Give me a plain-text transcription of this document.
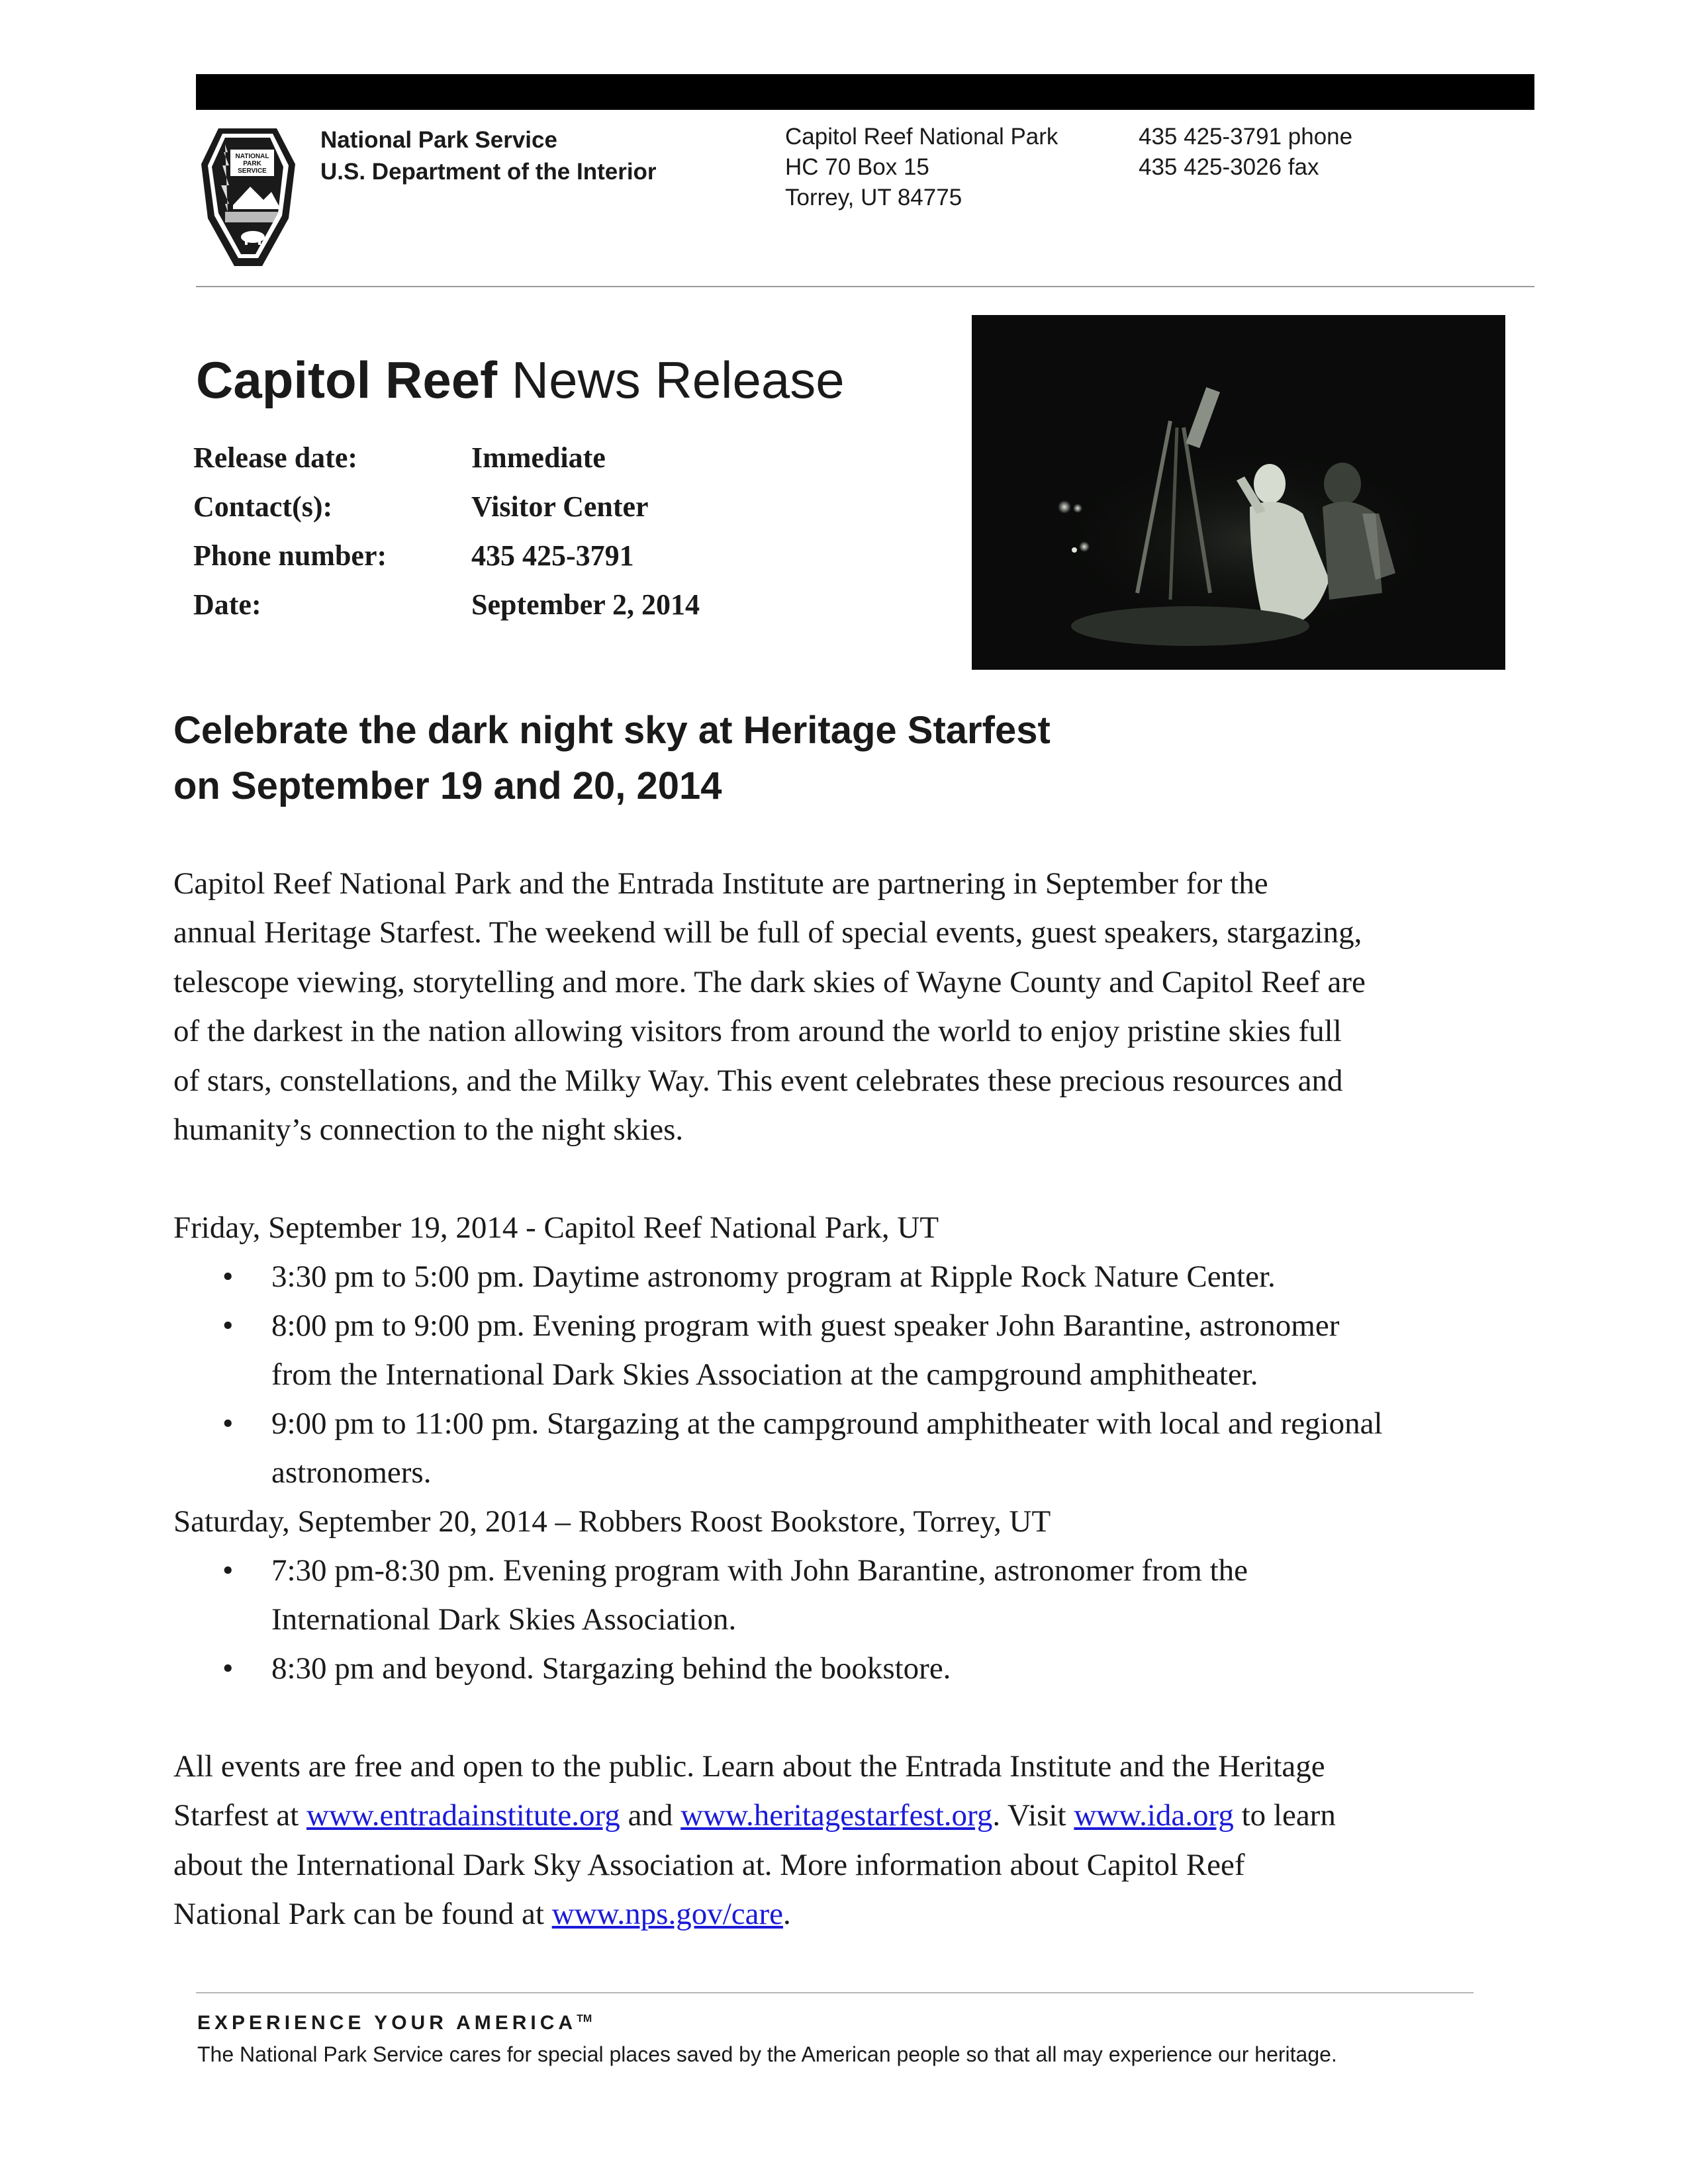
NATIONAL
PARK
SERVICE
National Park Service
U.S. Department of the Interior
Capitol Reef National Park
HC 70 Box 15
Torrey, UT 84775
435 425-3791 phone
435 425-3026 fax
Capitol Reef News Release
Release date:	Immediate
Contact(s):	Visitor Center
Phone number:	435 425-3791
Date:	September 2, 2014
Celebrate the dark night sky at Heritage Starfest
on September 19 and 20, 2014
Capitol Reef National Park and the Entrada Institute are partnering in September for the
annual Heritage Starfest. The weekend will be full of special events, guest speakers, stargazing,
telescope viewing, storytelling and more. The dark skies of Wayne County and Capitol Reef are
of the darkest in the nation allowing visitors from around the world to enjoy pristine skies full
of stars, constellations, and the Milky Way. This event celebrates these precious resources and
humanity’s connection to the night skies.
Friday, September 19, 2014 - Capitol Reef National Park, UT
•	3:30 pm to 5:00 pm. Daytime astronomy program at Ripple Rock Nature Center.
•	8:00 pm to 9:00 pm. Evening program with guest speaker John Barantine, astronomer
from the International Dark Skies Association at the campground amphitheater.
•	9:00 pm to 11:00 pm. Stargazing at the campground amphitheater with local and regional
astronomers.
Saturday, September 20, 2014 – Robbers Roost Bookstore, Torrey, UT
•	7:30 pm-8:30 pm. Evening program with John Barantine, astronomer from the
International Dark Skies Association.
•	8:30 pm and beyond. Stargazing behind the bookstore.
All events are free and open to the public. Learn about the Entrada Institute and the Heritage
Starfest at www.entradainstitute.org and www.heritagestarfest.org. Visit www.ida.org to learn
about the International Dark Sky Association at. More information about Capitol Reef
National Park can be found at www.nps.gov/care.
EXPERIENCE YOUR AMERICA™
The National Park Service cares for special places saved by the American people so that all may experience our heritage.
